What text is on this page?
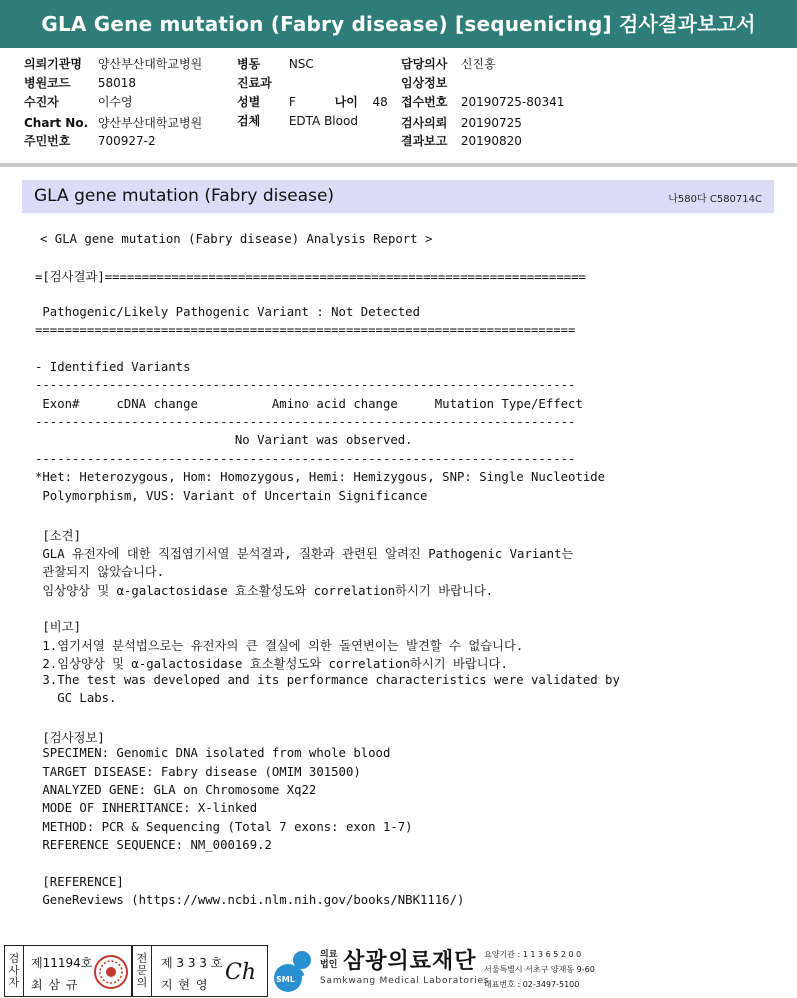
GLA Gene mutation (Fabry disease) [sequenicing] 검사결과보고서
의뢰기관명 양산부산대학교병원
병원코드 58018
수진자	이수영
Chart No. 양산부산대학교병원
주민번호 700927-2
병동 NSC
진료과
성별 F	나이 48
검체 EDTA Blood
담당의사 신진홍
임상정보
접수번호 20190725-80341
검사의뢰 20190725
결과보고 20190820
GLA gene mutation (Fabry disease)	나580다 C580714C

< GLA gene mutation (Fabry disease) Analysis Report >

=[검사결과]=================================================================

Pathogenic/Likely Pathogenic Variant : Not Detected

=========================================================================

- Identified Variants

-------------------------------------------------------------------------

Exon#     cDNA change          Amino acid change     Mutation Type/Effect

-------------------------------------------------------------------------

No Variant was observed.

-------------------------------------------------------------------------

*Het: Heterozygous, Hom: Homozygous, Hemi: Hemizygous, SNP: Single Nucleotide

Polymorphism, VUS: Variant of Uncertain Significance

[소견]

GLA 유전자에 대한 직접염기서열 분석결과, 질환과 관련된 알려진 Pathogenic Variant는

관찰되지 않았습니다.

임상양상 및 α-galactosidase 효소활성도와 correlation하시기 바랍니다.

[비고]

1.염기서열 분석법으로는 유전자의 큰 결실에 의한 돌연변이는 발견할 수 없습니다.

2.임상양상 및 α-galactosidase 효소활성도와 correlation하시기 바랍니다.

3.The test was developed and its performance characteristics were validated by

GC Labs.

[검사정보]

SPECIMEN: Genomic DNA isolated from whole blood

TARGET DISEASE: Fabry disease (OMIM 301500)

ANALYZED GENE: GLA on Chromosome Xq22

MODE OF INHERITANCE: X-linked

METHOD: PCR & Sequencing (Total 7 exons: exon 1-7)

REFERENCE SEQUENCE: NM_000169.2

[REFERENCE]

GeneReviews (https://www.ncbi.nlm.nih.gov/books/NBK1116/)

검사자
제11194호
최 삼 규
전문의
제 3 3 3 호
지 현 영 Ch SML
의료법인 삼광의료재단
Samkwang Medical Laboratories
요양기관 : 1 1 3 6 5 2 0 0
서울특별시 서초구 양재동 9-60
대표번호 : 02-3497-5100
